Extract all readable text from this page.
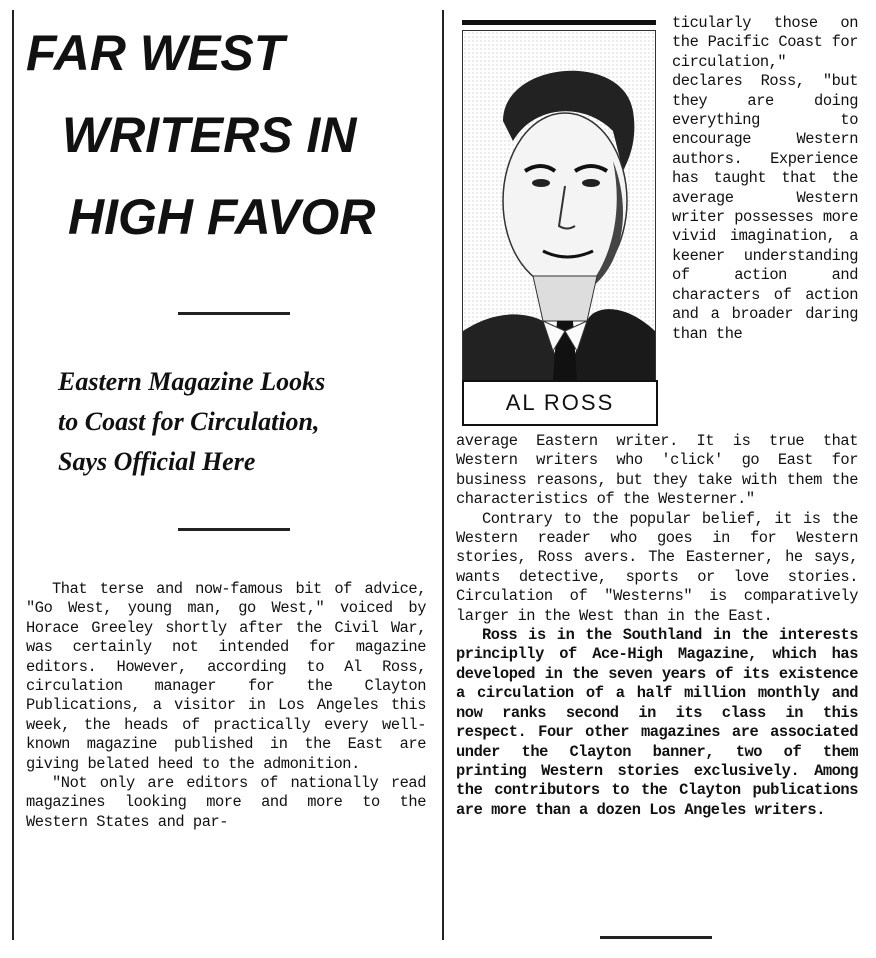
FAR WEST
WRITERS IN
HIGH FAVOR
Eastern Magazine Looks
to Coast for Circulation,
Says Official Here

That terse and now-famous bit of advice, "Go West, young man, go West," voiced by Horace Greeley shortly after the Civil War, was certainly not intended for magazine editors. However, according to Al Ross, circulation manager for the Clayton Publications, a visitor in Los Angeles this week, the heads of practically every well-known magazine published in the East are giving belated heed to the admonition.

"Not only are editors of nationally read magazines looking more and more to the Western States and par-

AL ROSS
ticularly those on the Pacific Coast for circulation," declares Ross, "but they are doing everything to encourage Western authors. Experience has taught that the average Western writer possesses more vivid imagination, a keener understanding of action and characters of action and a broader daring than the

average Eastern writer. It is true that Western writers who 'click' go East for business reasons, but they take with them the characteristics of the Westerner."

Contrary to the popular belief, it is the Western reader who goes in for Western stories, Ross avers. The Easterner, he says, wants detective, sports or love stories. Circulation of "Westerns" is comparatively larger in the West than in the East.

Ross is in the Southland in the interests principlly of Ace-High Magazine, which has developed in the seven years of its existence a circulation of a half million monthly and now ranks second in its class in this respect. Four other magazines are associated under the Clayton banner, two of them printing Western stories exclusively. Among the contributors to the Clayton publications are more than a dozen Los Angeles writers.
